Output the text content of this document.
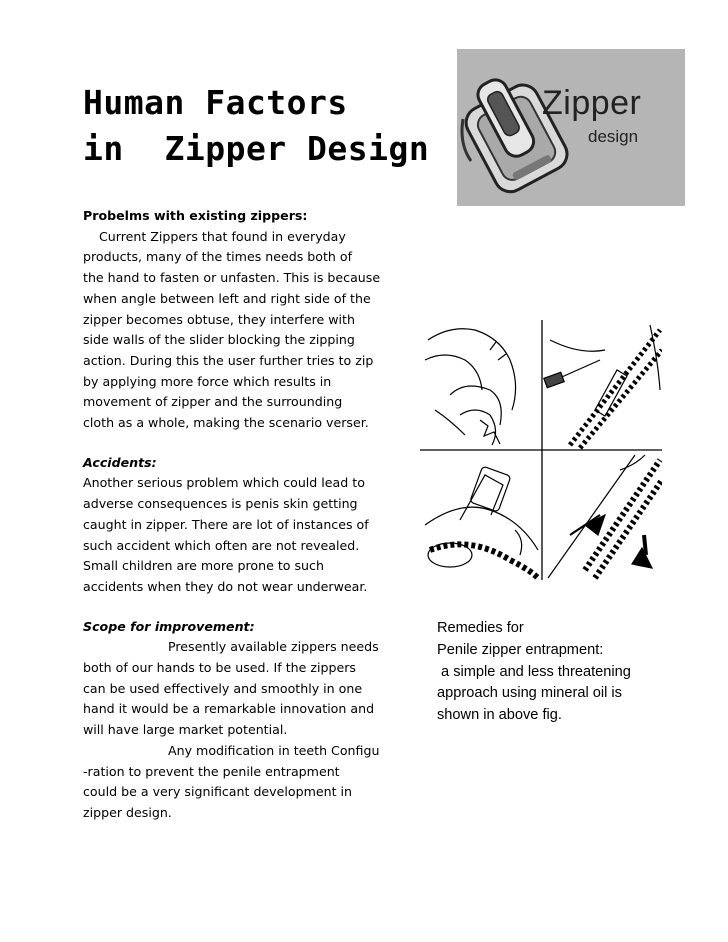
Human Factors
in  Zipper Design
Zipper
design

Probelms with existing zippers:

Current Zippers that found in everyday

products, many of the times needs both of

the hand to fasten or unfasten. This is because

when angle between left and right side of the

zipper becomes obtuse, they interfere with

side walls of the slider blocking the zipping

action. During this the user further tries to zip

by applying more force which results in

movement of zipper and the surrounding

cloth as a whole, making the scenario verser.

Accidents:

Another serious problem which could lead to

adverse consequences is penis skin getting

caught in zipper. There are lot of instances of

such accident which often are not revealed.

Small children are more prone to such

accidents when they do not wear underwear.

Scope for improvement:

Presently available zippers needs

both of our hands to be used. If the zippers

can be used effectively and smoothly in one

hand it would be a remarkable innovation and

will have large market potential.

Any modification in teeth Configu

-ration to prevent the penile entrapment

could be a very significant development in

zipper design.

Remedies for
Penile zipper entrapment:
a simple and less threatening
approach using mineral oil is
shown in above fig.
